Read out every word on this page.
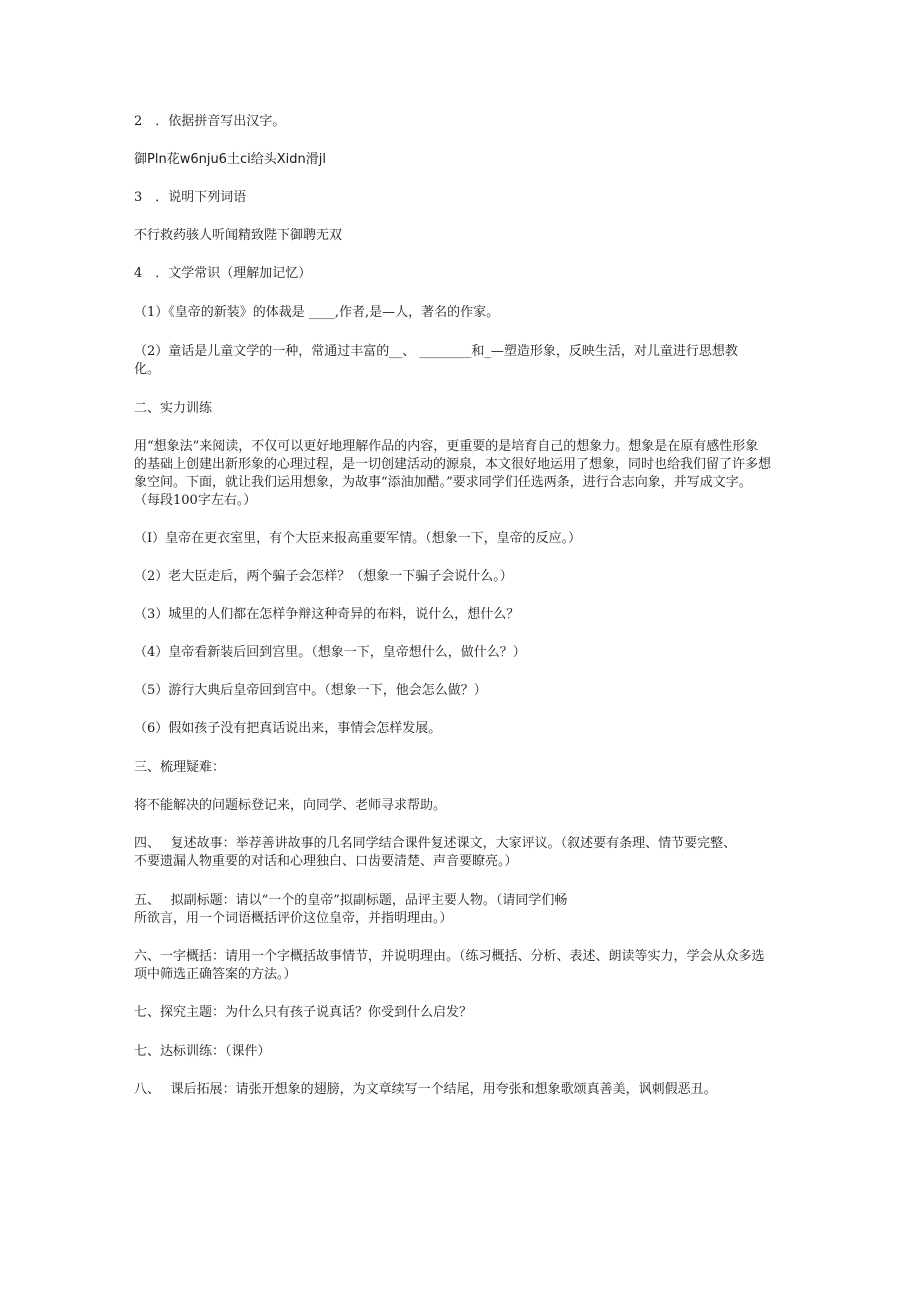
2　．依据拼音写出汉字。

御Pln花w6nju6土ci给头Xidn滑jl

3　．说明下列词语

不行救药骇人听闻精致陛下御聘无双

4　．文学常识（理解加记忆）

（1）《皇帝的新装》的体裁是 ____,作者,是—人，著名的作家。

（2）童话是儿童文学的一种，常通过丰富的__、 ________和_—塑造形象，反映生活，对儿童进行思想教

化。

二、实力训练

用“想象法”来阅读，不仅可以更好地理解作品的内容，更重要的是培育自己的想象力。想象是在原有感性形象

的基础上创建出新形象的心理过程，是一切创建活动的源泉，本文很好地运用了想象，同时也给我们留了许多想

象空间。下面，就让我们运用想象，为故事“添油加醋。”要求同学们任选两条，进行合志向象，并写成文字。

（每段100字左右。）

（I）皇帝在更衣室里，有个大臣来报高重要军情。（想象一下，皇帝的反应。）

（2）老大臣走后，两个骗子会怎样？（想象一下骗子会说什么。）

（3）城里的人们都在怎样争辩这种奇异的布料，说什么，想什么？

（4）皇帝看新装后回到宫里。（想象一下，皇帝想什么，做什么？）

（5）游行大典后皇帝回到宫中。（想象一下，他会怎么做？）

（6）假如孩子没有把真话说出来，事情会怎样发展。

三、梳理疑难：

将不能解决的问题标登记来，向同学、老师寻求帮助。

四、　 复述故事：举荐善讲故事的几名同学结合课件复述课文，大家评议。（叙述要有条理、情节要完整、

不要遗漏人物重要的对话和心理独白、口齿要清楚、声音要瞭亮。）

五、　 拟副标题：请以“一个的皇帝”拟副标题，品评主要人物。（请同学们畅

所欲言，用一个词语概括评价这位皇帝，并指明理由。）

六、一字概括：请用一个字概括故事情节，并说明理由。（练习概括、分析、表述、朗读等实力，学会从众多选

项中筛选正确答案的方法。）

七、探究主题：为什么只有孩子说真话？你受到什么启发？

七、达标训练：（课件）

八、　 课后拓展：请张开想象的翅膀，为文章续写一个结尾，用夸张和想象歌颂真善美，讽刺假恶丑。
